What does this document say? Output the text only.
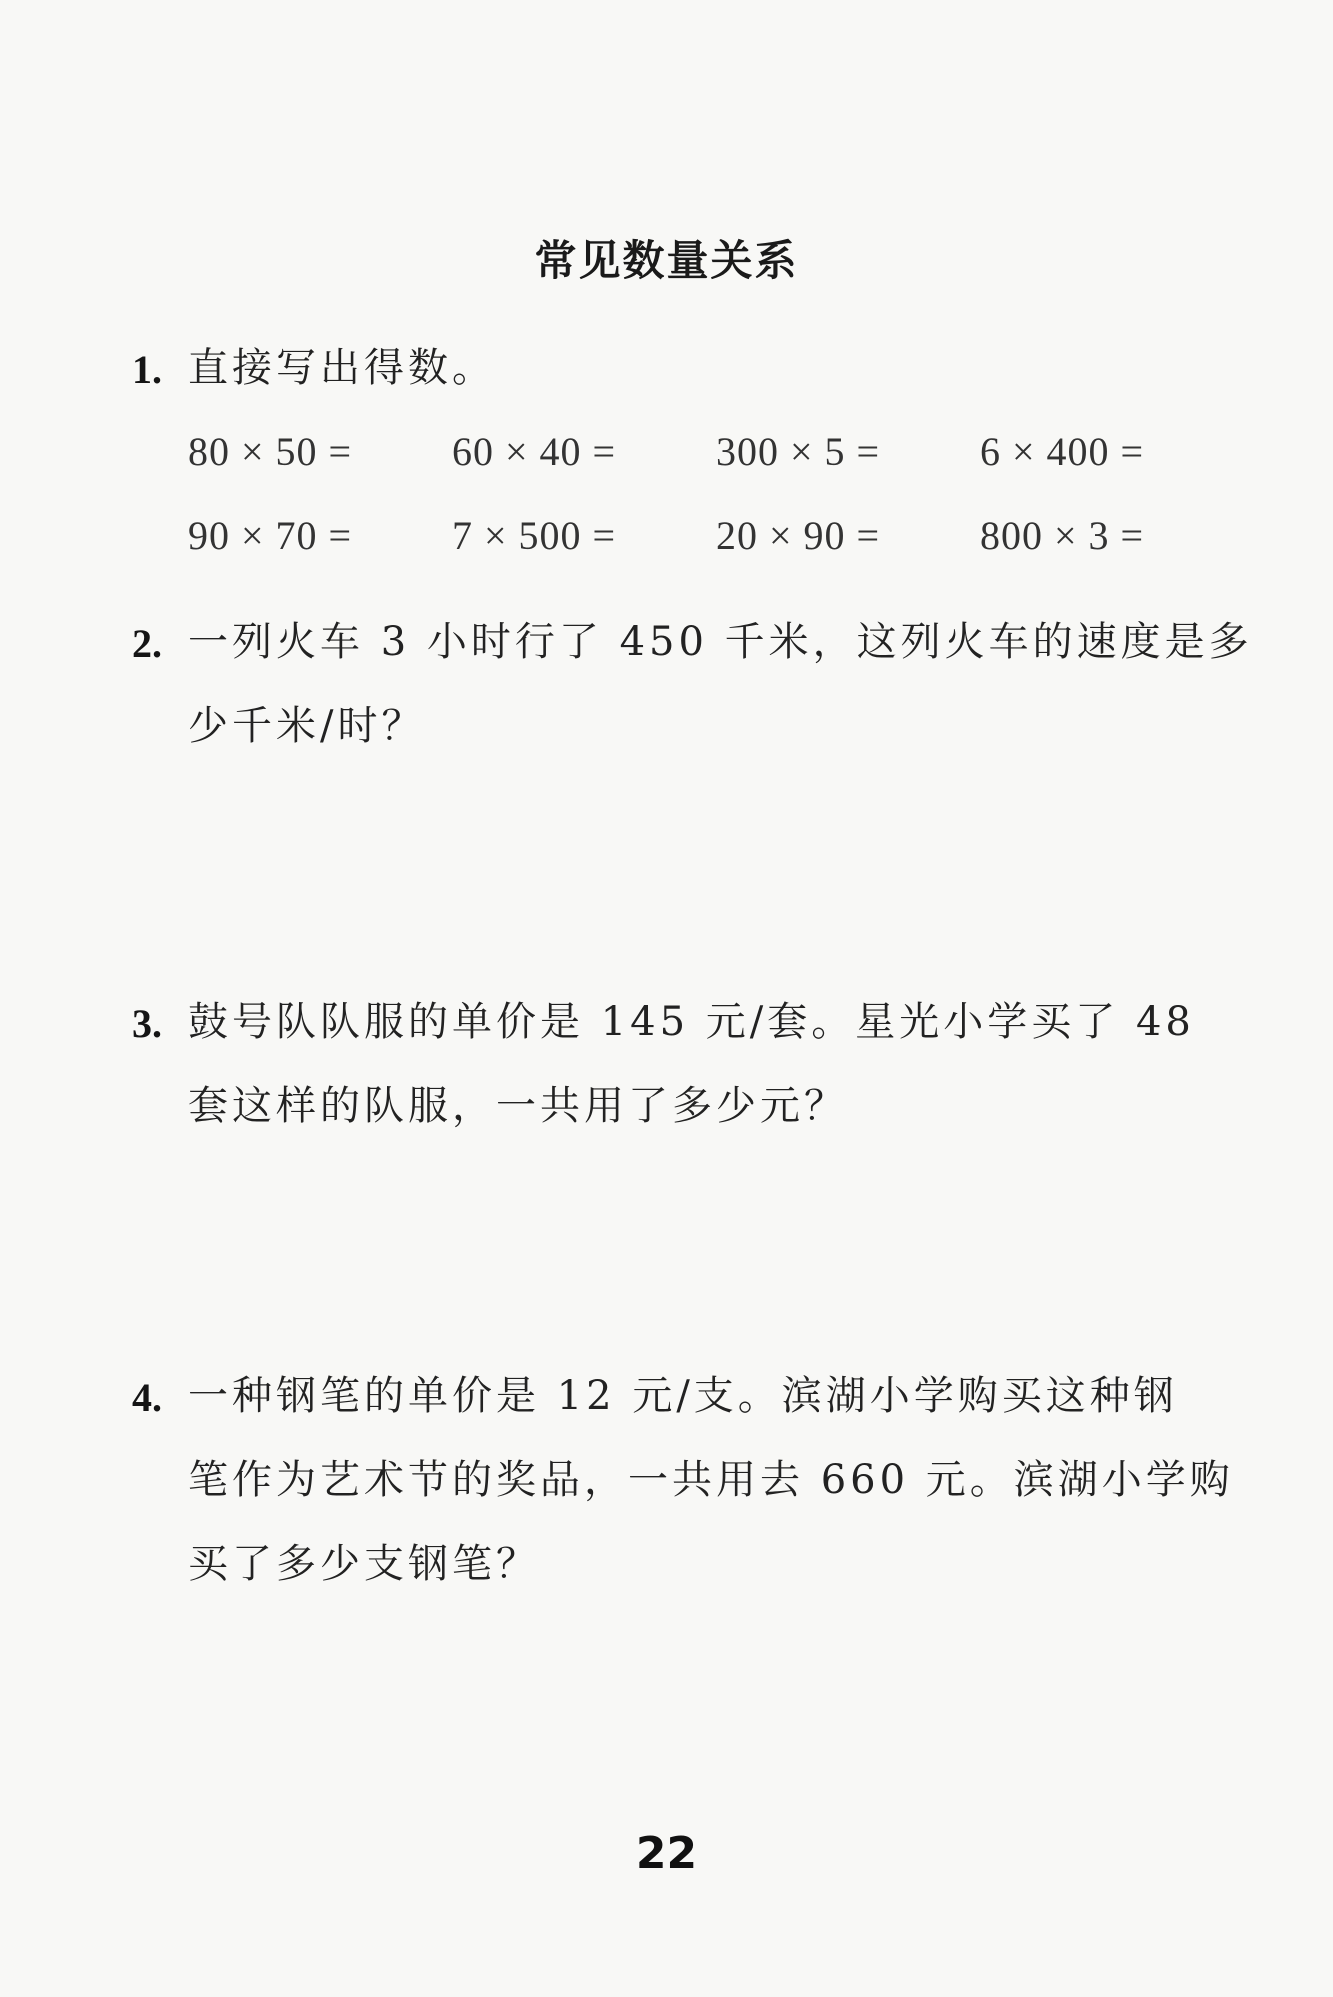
常见数量关系
1. 直接写出得数。
80 × 50 = 60 × 40 = 300 × 5 = 6 × 400 =
90 × 70 = 7 × 500 = 20 × 90 = 800 × 3 =
2. 一列火车 3 小时行了 450 千米，这列火车的速度是多
少千米/时？
3. 鼓号队队服的单价是 145 元/套。星光小学买了 48
套这样的队服，一共用了多少元？
4. 一种钢笔的单价是 12 元/支。滨湖小学购买这种钢
笔作为艺术节的奖品，一共用去 660 元。滨湖小学购
买了多少支钢笔？
22
